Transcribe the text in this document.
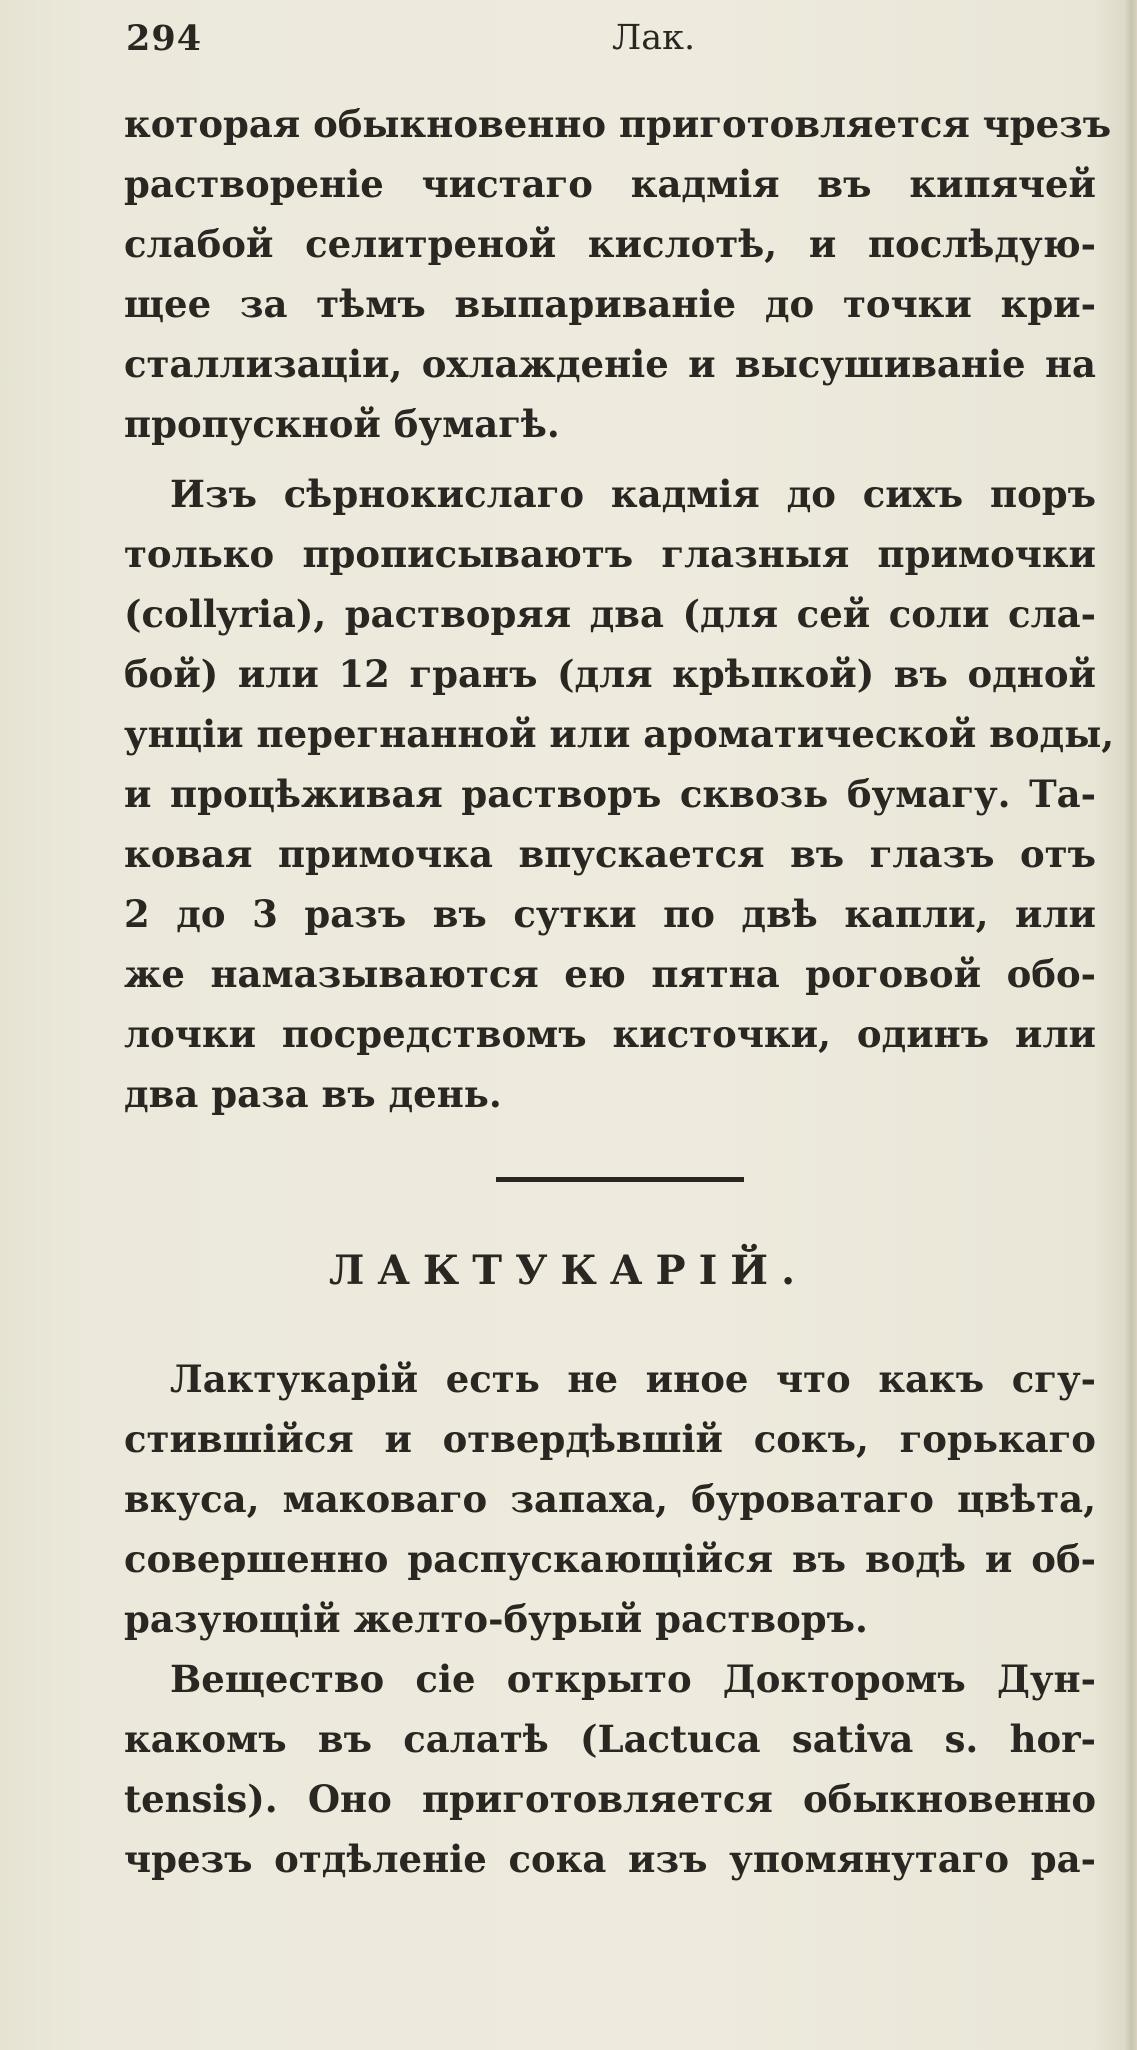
294	Лак.
которая обыкновенно приготовляется чрезъ
раствореніе чистаго кадмія въ кипячей
слабой селитреной кислотѣ, и послѣдую-
щее за тѣмъ выпариваніе до точки кри-
сталлизаціи, охлажденіе и высушиваніе на
пропускной бумагѣ.
Изъ сѣрнокислаго кадмія до сихъ поръ
только прописываютъ глазныя примочки
(collyria), растворяя два (для сей соли сла-
бой) или 12 гранъ (для крѣпкой) въ одной
унціи перегнанной или ароматической воды,
и процѣживая растворъ сквозь бумагу. Та-
ковая примочка впускается въ глазъ отъ
2 до 3 разъ въ сутки по двѣ капли, или
же намазываются ею пятна роговой обо-
лочки посредствомъ кисточки, одинъ или
два раза въ день.
ЛАКТУКАРІЙ.
Лактукарій есть не иное что какъ сгу-
стившійся и отвердѣвшій сокъ, горькаго
вкуса, маковаго запаха, буроватаго цвѣта,
совершенно распускающійся въ водѣ и об-
разующій желто-бурый растворъ.
Вещество сіе открыто Докторомъ Дун-
какомъ въ салатѣ (Lactuca sativa s. hor-
tensis). Оно приготовляется обыкновенно
чрезъ отдѣленіе сока изъ упомянутаго ра-
